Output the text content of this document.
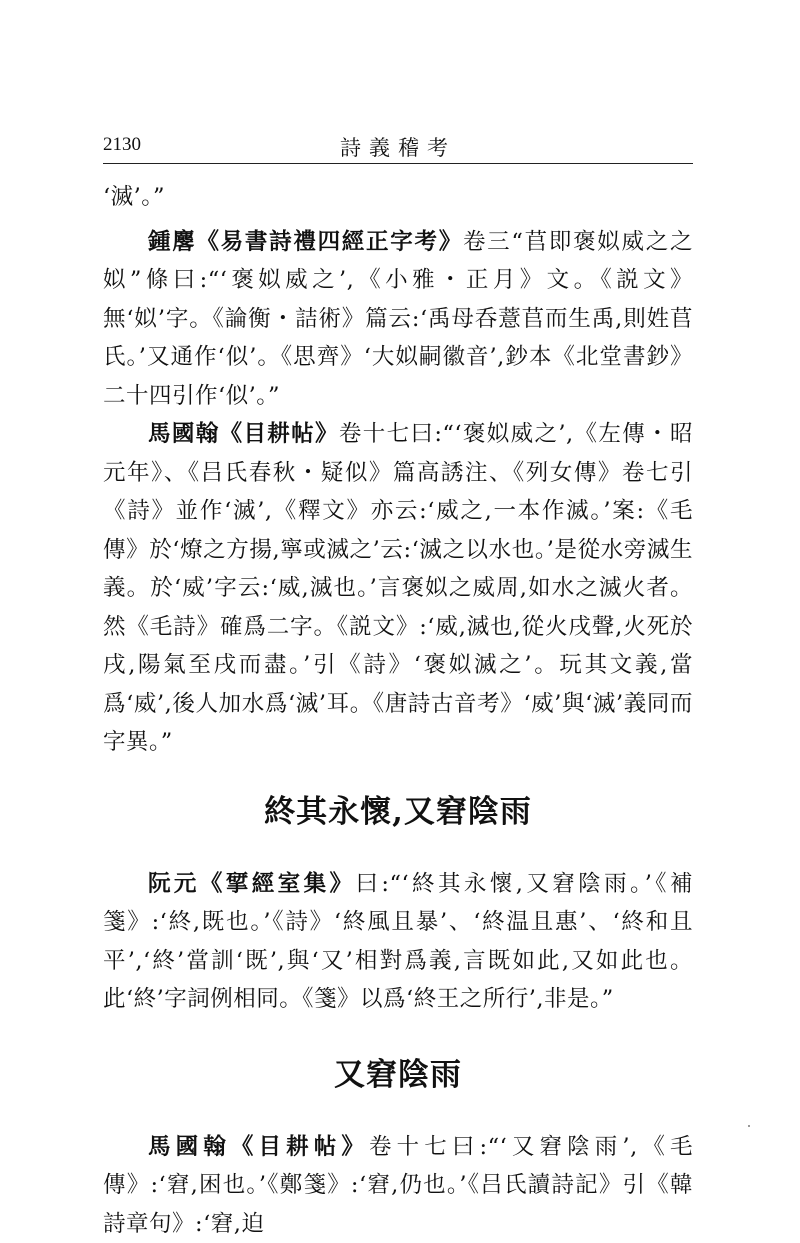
2130	詩義稽考

‘滅’。”

鍾麐《易書詩禮四經正字考》卷三“苢即褒姒威之之姒”條曰:“‘褒姒威之’,《小雅・正月》文。《説文》無‘姒’字。《論衡・詰術》篇云:‘禹母呑薏苢而生禹,則姓苢氏。’又通作‘似’。《思齊》‘大姒嗣徽音’,鈔本《北堂書鈔》二十四引作‘似’。”

馬國翰《目耕帖》卷十七曰:“‘褒姒威之’,《左傳・昭元年》、《吕氏春秋・疑似》篇高誘注、《列女傳》卷七引《詩》並作‘滅’,《釋文》亦云:‘威之,一本作滅。’案:《毛傳》於‘燎之方揚,寧或滅之’云:‘滅之以水也。’是從水旁滅生義。於‘威’字云:‘威,滅也。’言褒姒之威周,如水之滅火者。然《毛詩》確爲二字。《説文》:‘威,滅也,從火戌聲,火死於戌,陽氣至戌而盡。’引《詩》‘褒姒滅之’。玩其文義,當爲‘威’,後人加水爲‘滅’耳。《唐詩古音考》‘威’與‘滅’義同而字異。”

終其永懷,又窘陰雨

阮元《揅經室集》曰:“‘終其永懷,又窘陰雨。’《補箋》:‘終,既也。’《詩》‘終風且暴’、‘終温且惠’、‘終和且平’,‘終’當訓‘既’,與‘又’相對爲義,言既如此,又如此也。此‘終’字詞例相同。《箋》以爲‘終王之所行’,非是。”

又窘陰雨

馬國翰《目耕帖》卷十七曰:“‘又窘陰雨’,《毛傳》:‘窘,困也。’《鄭箋》:‘窘,仍也。’《吕氏讀詩記》引《韓詩章句》:‘窘,迫
